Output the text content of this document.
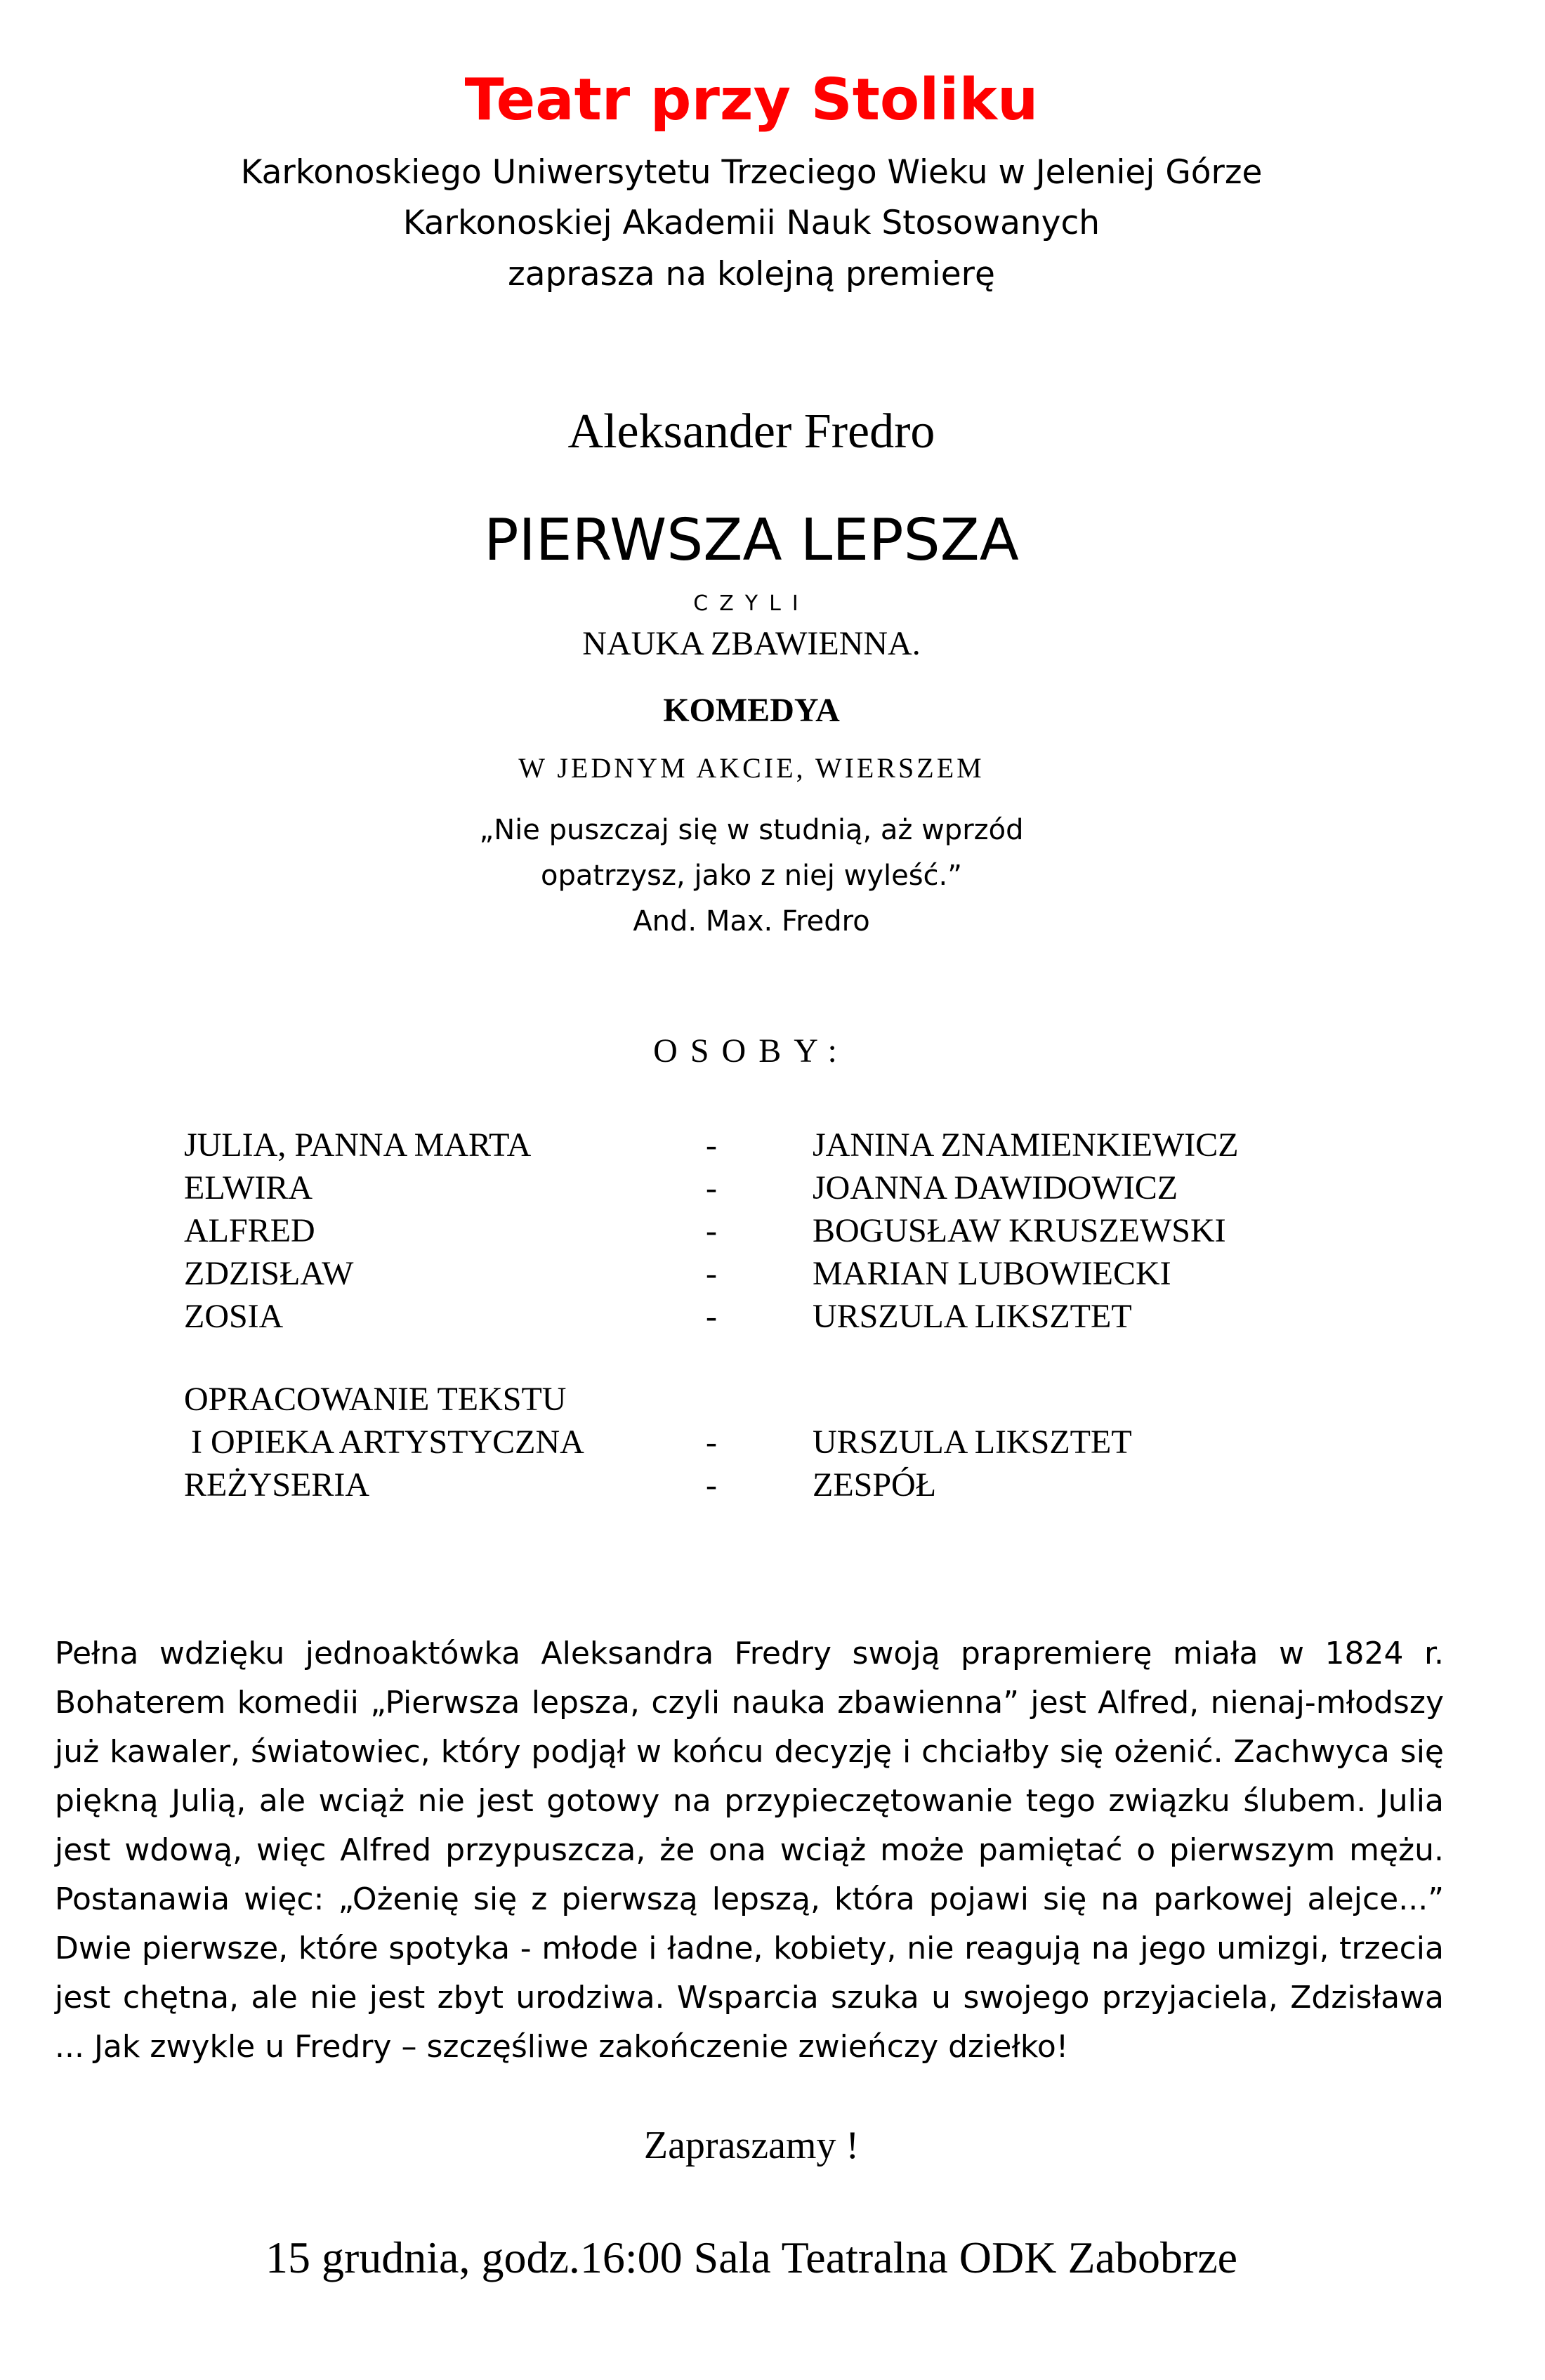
Teatr przy Stoliku
Karkonoskiego Uniwersytetu Trzeciego Wieku w Jeleniej Górze
Karkonoskiej Akademii Nauk Stosowanych
zaprasza na kolejną premierę
Aleksander Fredro
PIERWSZA LEPSZA
CZYLI
NAUKA ZBAWIENNA.
KOMEDYA
W JEDNYM AKCIE, WIERSZEM
„Nie puszczaj się w studnią, aż wprzód
opatrzysz, jako z niej wyleść.”
And. Max. Fredro
OSOBY:
JULIA, PANNA MARTA	-	JANINA ZNAMIENKIEWICZ
ELWIRA	-	JOANNA DAWIDOWICZ
ALFRED	-	BOGUSŁAW KRUSZEWSKI
ZDZISŁAW	-	MARIAN LUBOWIECKI
ZOSIA	-	URSZULA LIKSZTET
OPRACOWANIE TEKSTU
I OPIEKA ARTYSTYCZNA	-	URSZULA LIKSZTET
REŻYSERIA	-	ZESPÓŁ
Pełna wdzięku jednoaktówka Aleksandra Fredry swoją prapremierę miała w 1824 r. Bohaterem komedii „Pierwsza lepsza, czyli nauka zbawienna” jest Alfred, nienaj-młodszy już kawaler, światowiec, który podjął w końcu decyzję i chciałby się ożenić. Zachwyca się piękną Julią, ale wciąż nie jest gotowy na przypieczętowanie tego związku ślubem. Julia jest wdową, więc Alfred przypuszcza, że ona wciąż może pamiętać o pierwszym mężu. Postanawia więc: „Ożenię się z pierwszą lepszą, która pojawi się na parkowej alejce...” Dwie pierwsze, które spotyka - młode i ładne, kobiety, nie reagują na jego umizgi, trzecia jest chętna, ale nie jest zbyt urodziwa. Wsparcia szuka u swojego przyjaciela, Zdzisława ... Jak zwykle u Fredry – szczęśliwe zakończenie zwieńczy dziełko!
Zapraszamy !
15 grudnia, godz.16:00 Sala Teatralna ODK Zabobrze
